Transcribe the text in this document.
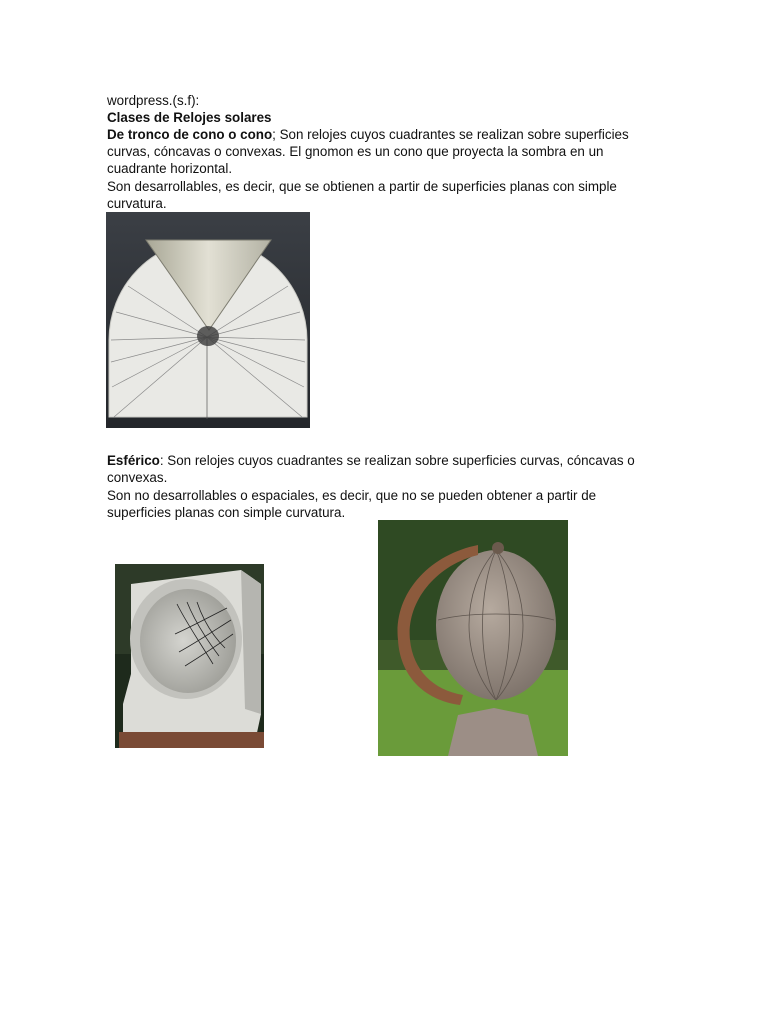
wordpress.(s.f):

Clases de Relojes solares

De tronco de cono o cono; Son relojes cuyos cuadrantes se realizan sobre superficies

curvas, cóncavas o convexas. El gnomon es un cono que proyecta la sombra en un

cuadrante horizontal.

Son desarrollables, es decir, que se obtienen a partir de superficies planas con simple

curvatura.

Esférico: Son relojes cuyos cuadrantes se realizan sobre superficies curvas, cóncavas o

convexas.

Son no desarrollables o espaciales, es decir, que no se pueden obtener a partir de

superficies planas con simple curvatura.
